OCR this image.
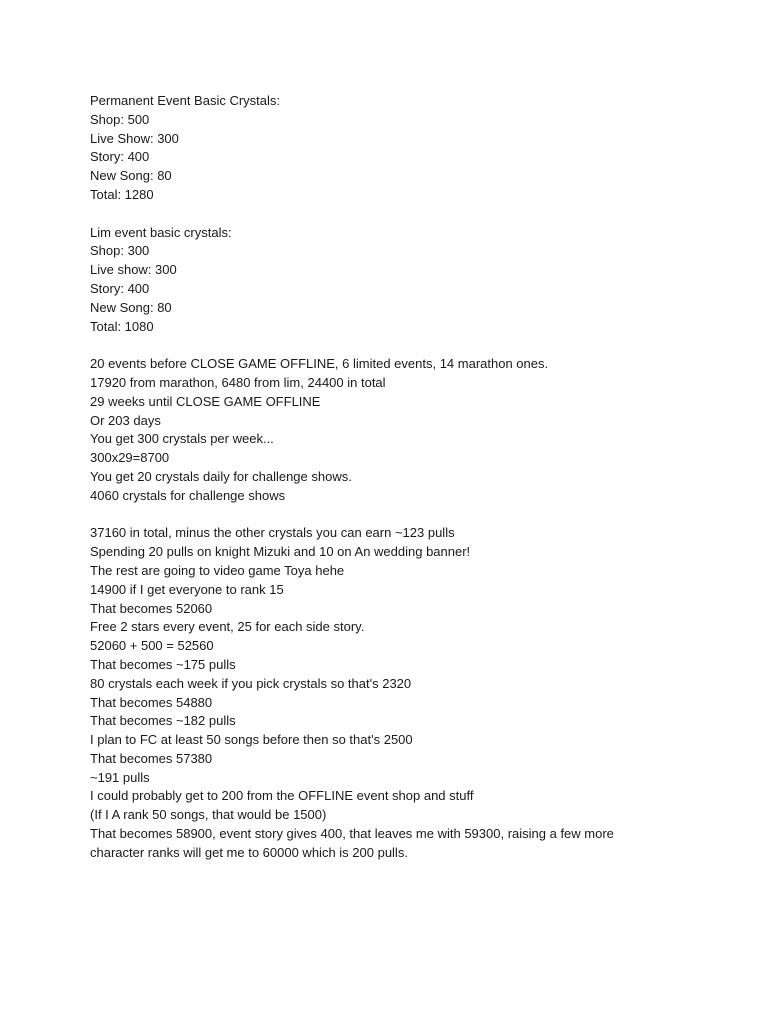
Permanent Event Basic Crystals:
Shop: 500
Live Show: 300
Story: 400
New Song: 80
Total: 1280
Lim event basic crystals:
Shop: 300
Live show: 300
Story: 400
New Song: 80
Total: 1080
20 events before CLOSE GAME OFFLINE, 6 limited events, 14 marathon ones.
17920 from marathon, 6480 from lim, 24400 in total
29 weeks until CLOSE GAME OFFLINE
Or 203 days
You get 300 crystals per week...
300x29=8700
You get 20 crystals daily for challenge shows.
4060 crystals for challenge shows
37160 in total, minus the other crystals you can earn ~123 pulls
Spending 20 pulls on knight Mizuki and 10 on An wedding banner!
The rest are going to video game Toya hehe
14900 if I get everyone to rank 15
That becomes 52060
Free 2 stars every event, 25 for each side story.
52060 + 500 = 52560
That becomes ~175 pulls
80 crystals each week if you pick crystals so that's 2320
That becomes 54880
That becomes ~182 pulls
I plan to FC at least 50 songs before then so that's 2500
That becomes 57380
~191 pulls
I could probably get to 200 from the OFFLINE event shop and stuff
(If I A rank 50 songs, that would be 1500)
That becomes 58900, event story gives 400, that leaves me with 59300, raising a few more
character ranks will get me to 60000 which is 200 pulls.
